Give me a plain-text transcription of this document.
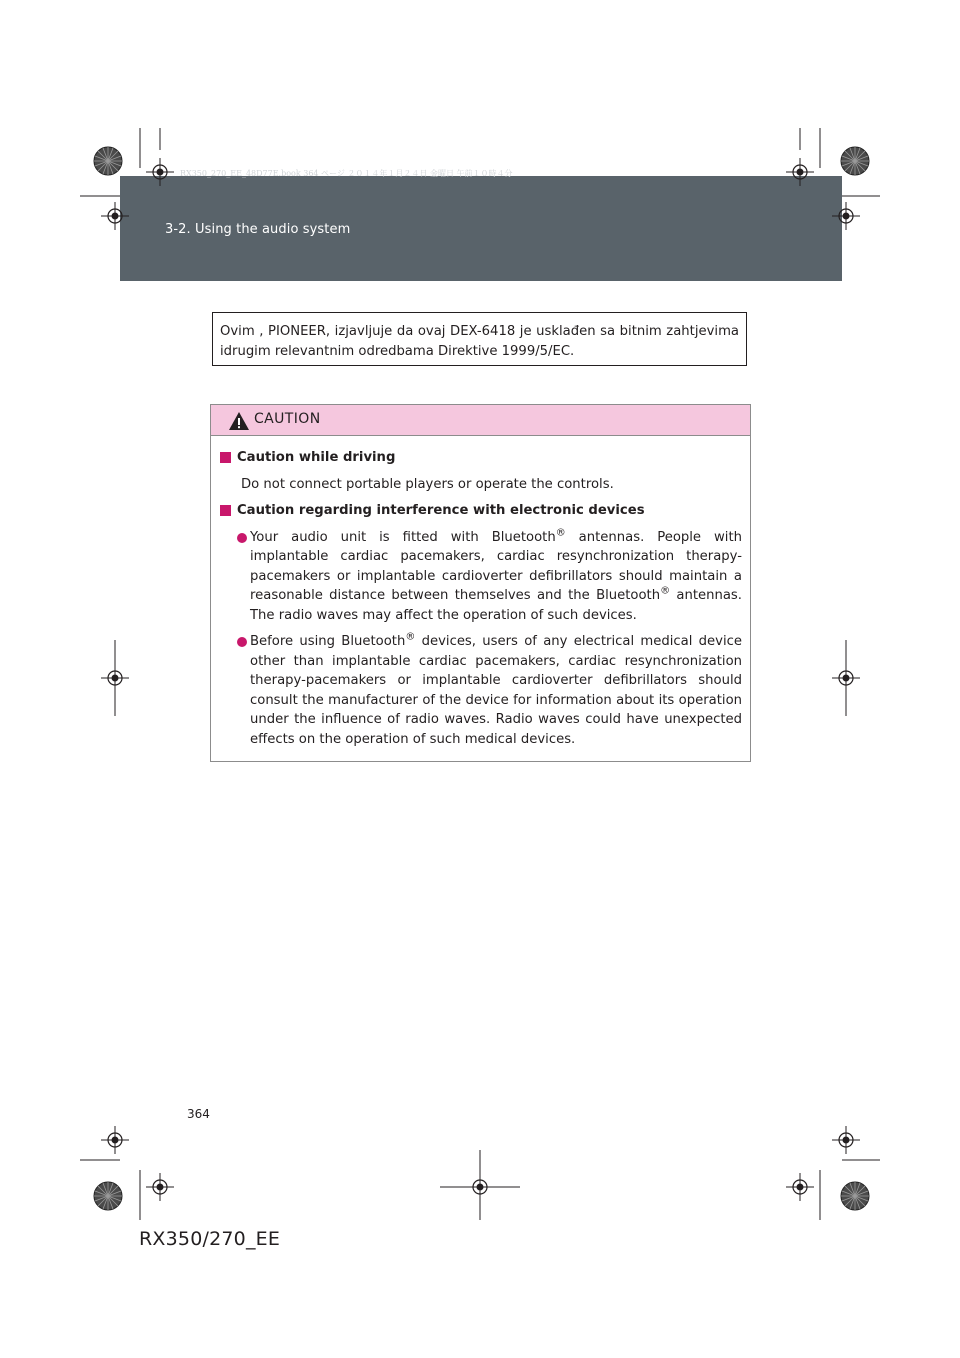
3-2. Using the audio system
RX350_270_EE_48D77E.book 364 ページ ２０１４年１月２４日 金曜日 午前１０時４分
Ovim , PIONEER, izjavljuje da ovaj DEX-6418 je usklađen sa bitnim zahtjevima idrugim relevantnim odredbama Direktive 1999/5/EC.
CAUTION
Caution while driving
Do not connect portable players or operate the controls.
Caution regarding interference with electronic devices
Your audio unit is fitted with Bluetooth® antennas. People with implantable cardiac pacemakers, cardiac resynchronization therapy-pacemakers or implantable cardioverter defibrillators should maintain a reasonable distance between themselves and the Bluetooth® antennas. The radio waves may affect the operation of such devices.
Before using Bluetooth® devices, users of any electrical medical device other than implantable cardiac pacemakers, cardiac resynchronization therapy-pacemakers or implantable cardioverter defibrillators should consult the manufacturer of the device for information about its operation under the influence of radio waves. Radio waves could have unexpected effects on the operation of such medical devices.
364
RX350/270_EE
